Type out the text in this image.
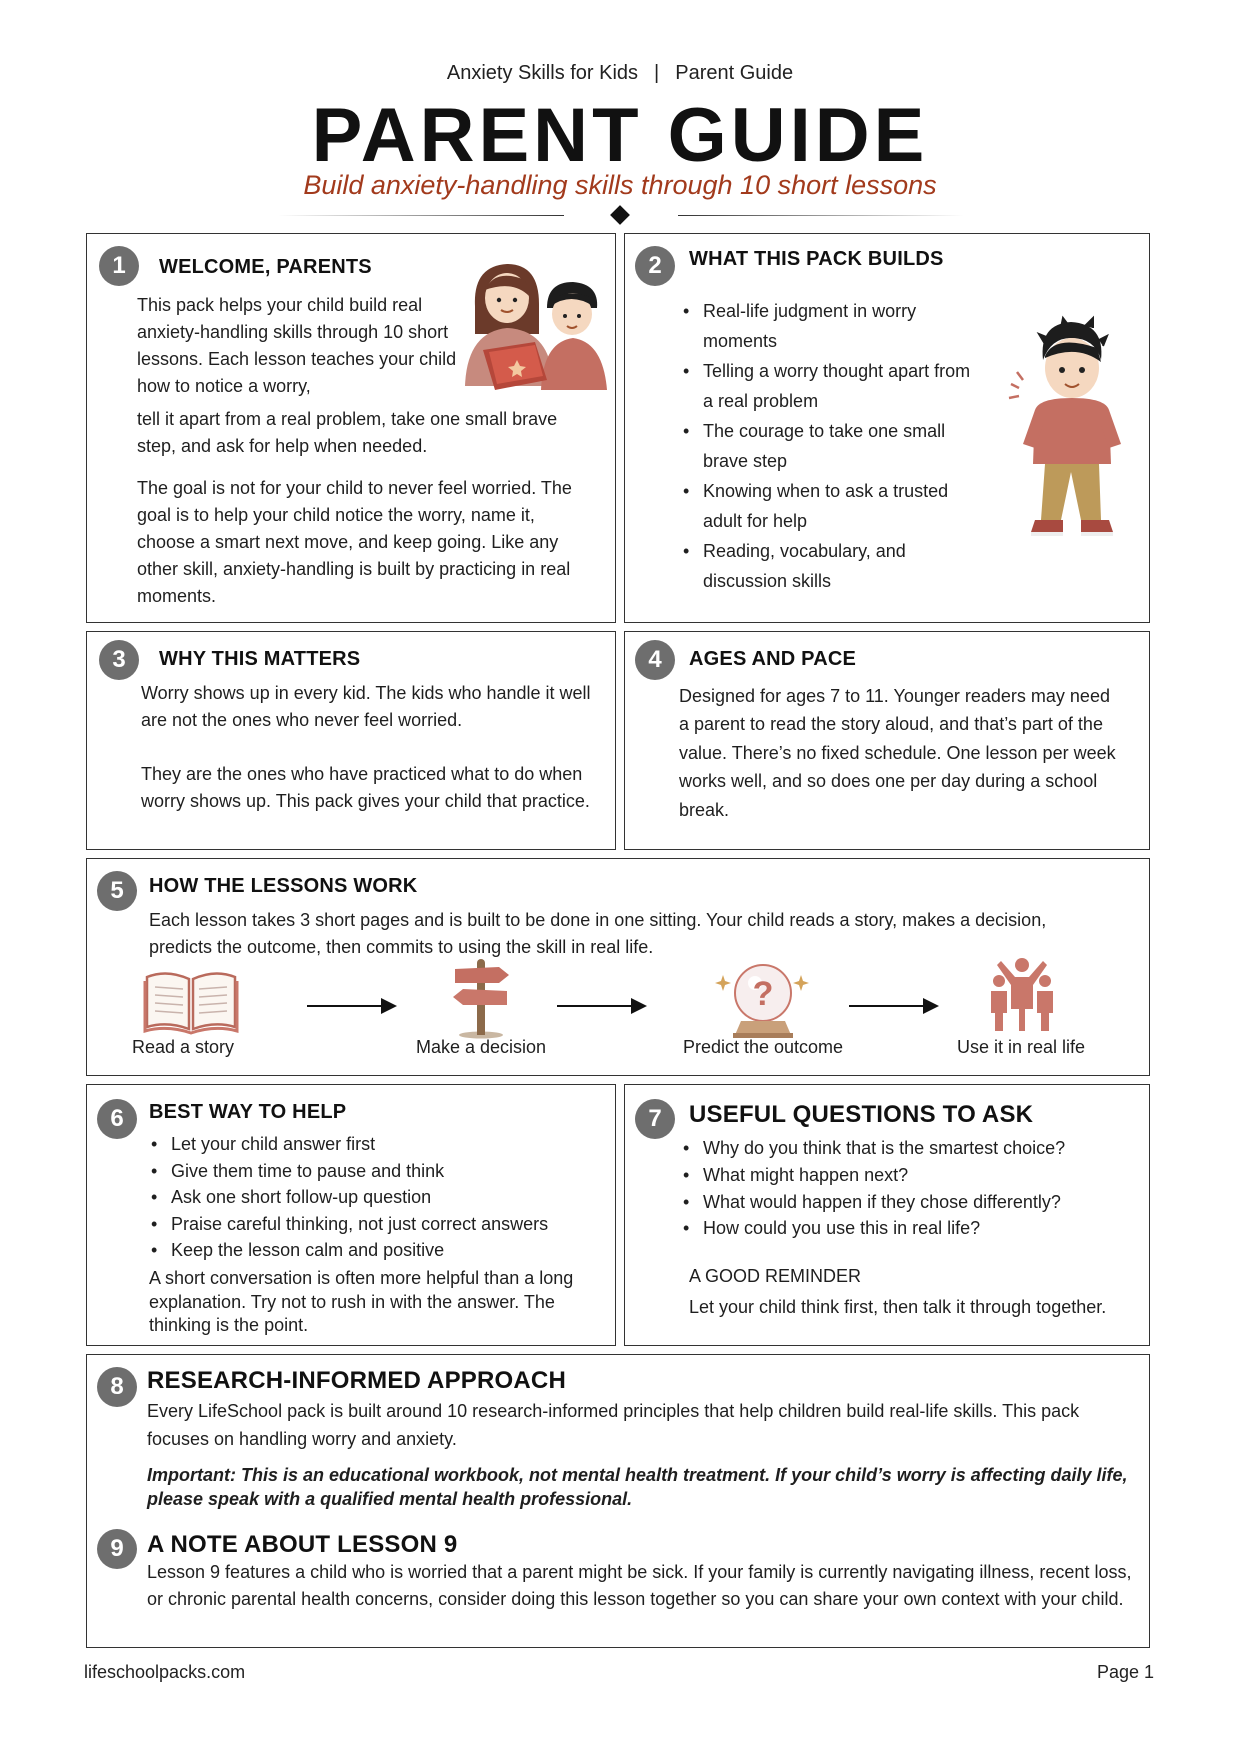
Anxiety Skills for Kids | Parent Guide
PARENT GUIDE
Build anxiety-handling skills through 10 short lessons
1	WELCOME, PARENTS
This pack helps your child build real anxiety-handling skills through 10 short lessons. Each lesson teaches your child how to notice a worry,
tell it apart from a real problem, take one small brave step, and ask for help when needed.
The goal is not for your child to never feel worried. The goal is to help your child notice the worry, name it, choose a smart next move, and keep going. Like any other skill, anxiety-handling is built by practicing in real moments.
2	WHAT THIS PACK BUILDS
• Real-life judgment in worry moments
• Telling a worry thought apart from a real problem
• The courage to take one small brave step
• Knowing when to ask a trusted adult for help
• Reading, vocabulary, and discussion skills
3	WHY THIS MATTERS
Worry shows up in every kid. The kids who handle it well are not the ones who never feel worried.
They are the ones who have practiced what to do when worry shows up. This pack gives your child that practice.
4	AGES AND PACE
Designed for ages 7 to 11. Younger readers may need a parent to read the story aloud, and that’s part of the value. There’s no fixed schedule. One lesson per week works well, and so does one per day during a school break.
5	HOW THE LESSONS WORK
Each lesson takes 3 short pages and is built to be done in one sitting. Your child reads a story, makes a decision, predicts the outcome, then commits to using the skill in real life.
Read a story	Make a decision
?
Predict the outcome	Use it in real life
6	BEST WAY TO HELP
• Let your child answer first
• Give them time to pause and think
• Ask one short follow-up question
• Praise careful thinking, not just correct answers
• Keep the lesson calm and positive
A short conversation is often more helpful than a long explanation. Try not to rush in with the answer. The thinking is the point.
7	USEFUL QUESTIONS TO ASK
• Why do you think that is the smartest choice?
• What might happen next?
• What would happen if they chose differently?
• How could you use this in real life?
A GOOD REMINDER
Let your child think first, then talk it through together.
8 RESEARCH-INFORMED APPROACH
Every LifeSchool pack is built around 10 research-informed principles that help children build real-life skills. This pack focuses on handling worry and anxiety.
Important: This is an educational workbook, not mental health treatment. If your child’s worry is affecting daily life, please speak with a qualified mental health professional.
9 A NOTE ABOUT LESSON 9
Lesson 9 features a child who is worried that a parent might be sick. If your family is currently navigating illness, recent loss, or chronic parental health concerns, consider doing this lesson together so you can share your own context with your child.
lifeschoolpacks.com	Page 1
